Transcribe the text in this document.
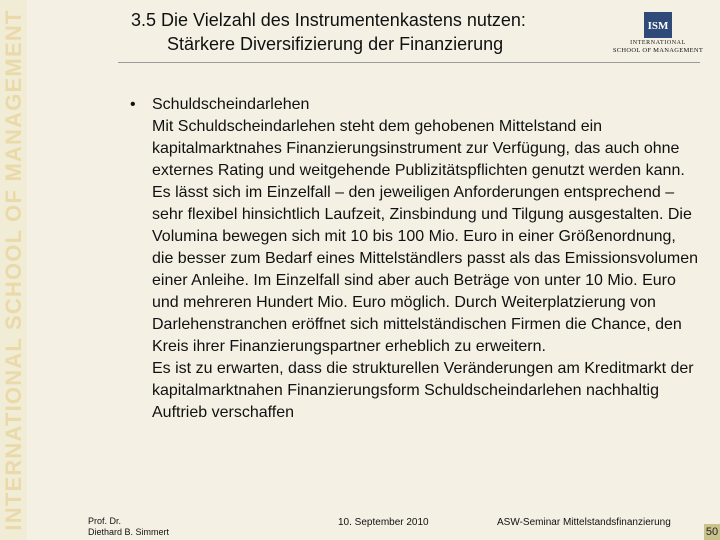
INTERNATIONAL SCHOOL OF MANAGEMENT	3.5 Die Vielzahl des Instrumentenkastens nutzen:
Stärkere Diversifizierung der Finanzierung
ISM
INTERNATIONAL
SCHOOL OF MANAGEMENT
•	Schuldscheindarlehen

Mit Schuldscheindarlehen steht dem gehobenen Mittelstand ein kapitalmarktnahes Finanzierungsinstrument zur Verfügung, das auch ohne externes Rating und weitgehende Publizitätspflichten genutzt werden kann. Es lässt sich im Einzelfall – den jeweiligen Anforderungen entsprechend – sehr flexibel hinsichtlich Laufzeit, Zinsbindung und Tilgung ausgestalten. Die Volumina bewegen sich mit 10 bis 100 Mio. Euro in einer Größenordnung, die besser zum Bedarf eines Mittelständlers passt als das Emissionsvolumen einer Anleihe. Im Einzelfall sind aber auch Beträge von unter 10 Mio. Euro und mehreren Hundert Mio. Euro möglich. Durch Weiterplatzierung von Darlehenstranchen eröffnet sich mittelständischen Firmen die Chance, den Kreis ihrer Finanzierungspartner erheblich zu erweitern.

Es ist zu erwarten, dass die strukturellen Veränderungen am Kreditmarkt der kapitalmarktnahen Finanzierungsform Schuldscheindarlehen nachhaltig Auftrieb verschaffen

Prof. Dr.
Diethard B. Simmert
10. September 2010	ASW-Seminar Mittelstandsfinanzierung
50
